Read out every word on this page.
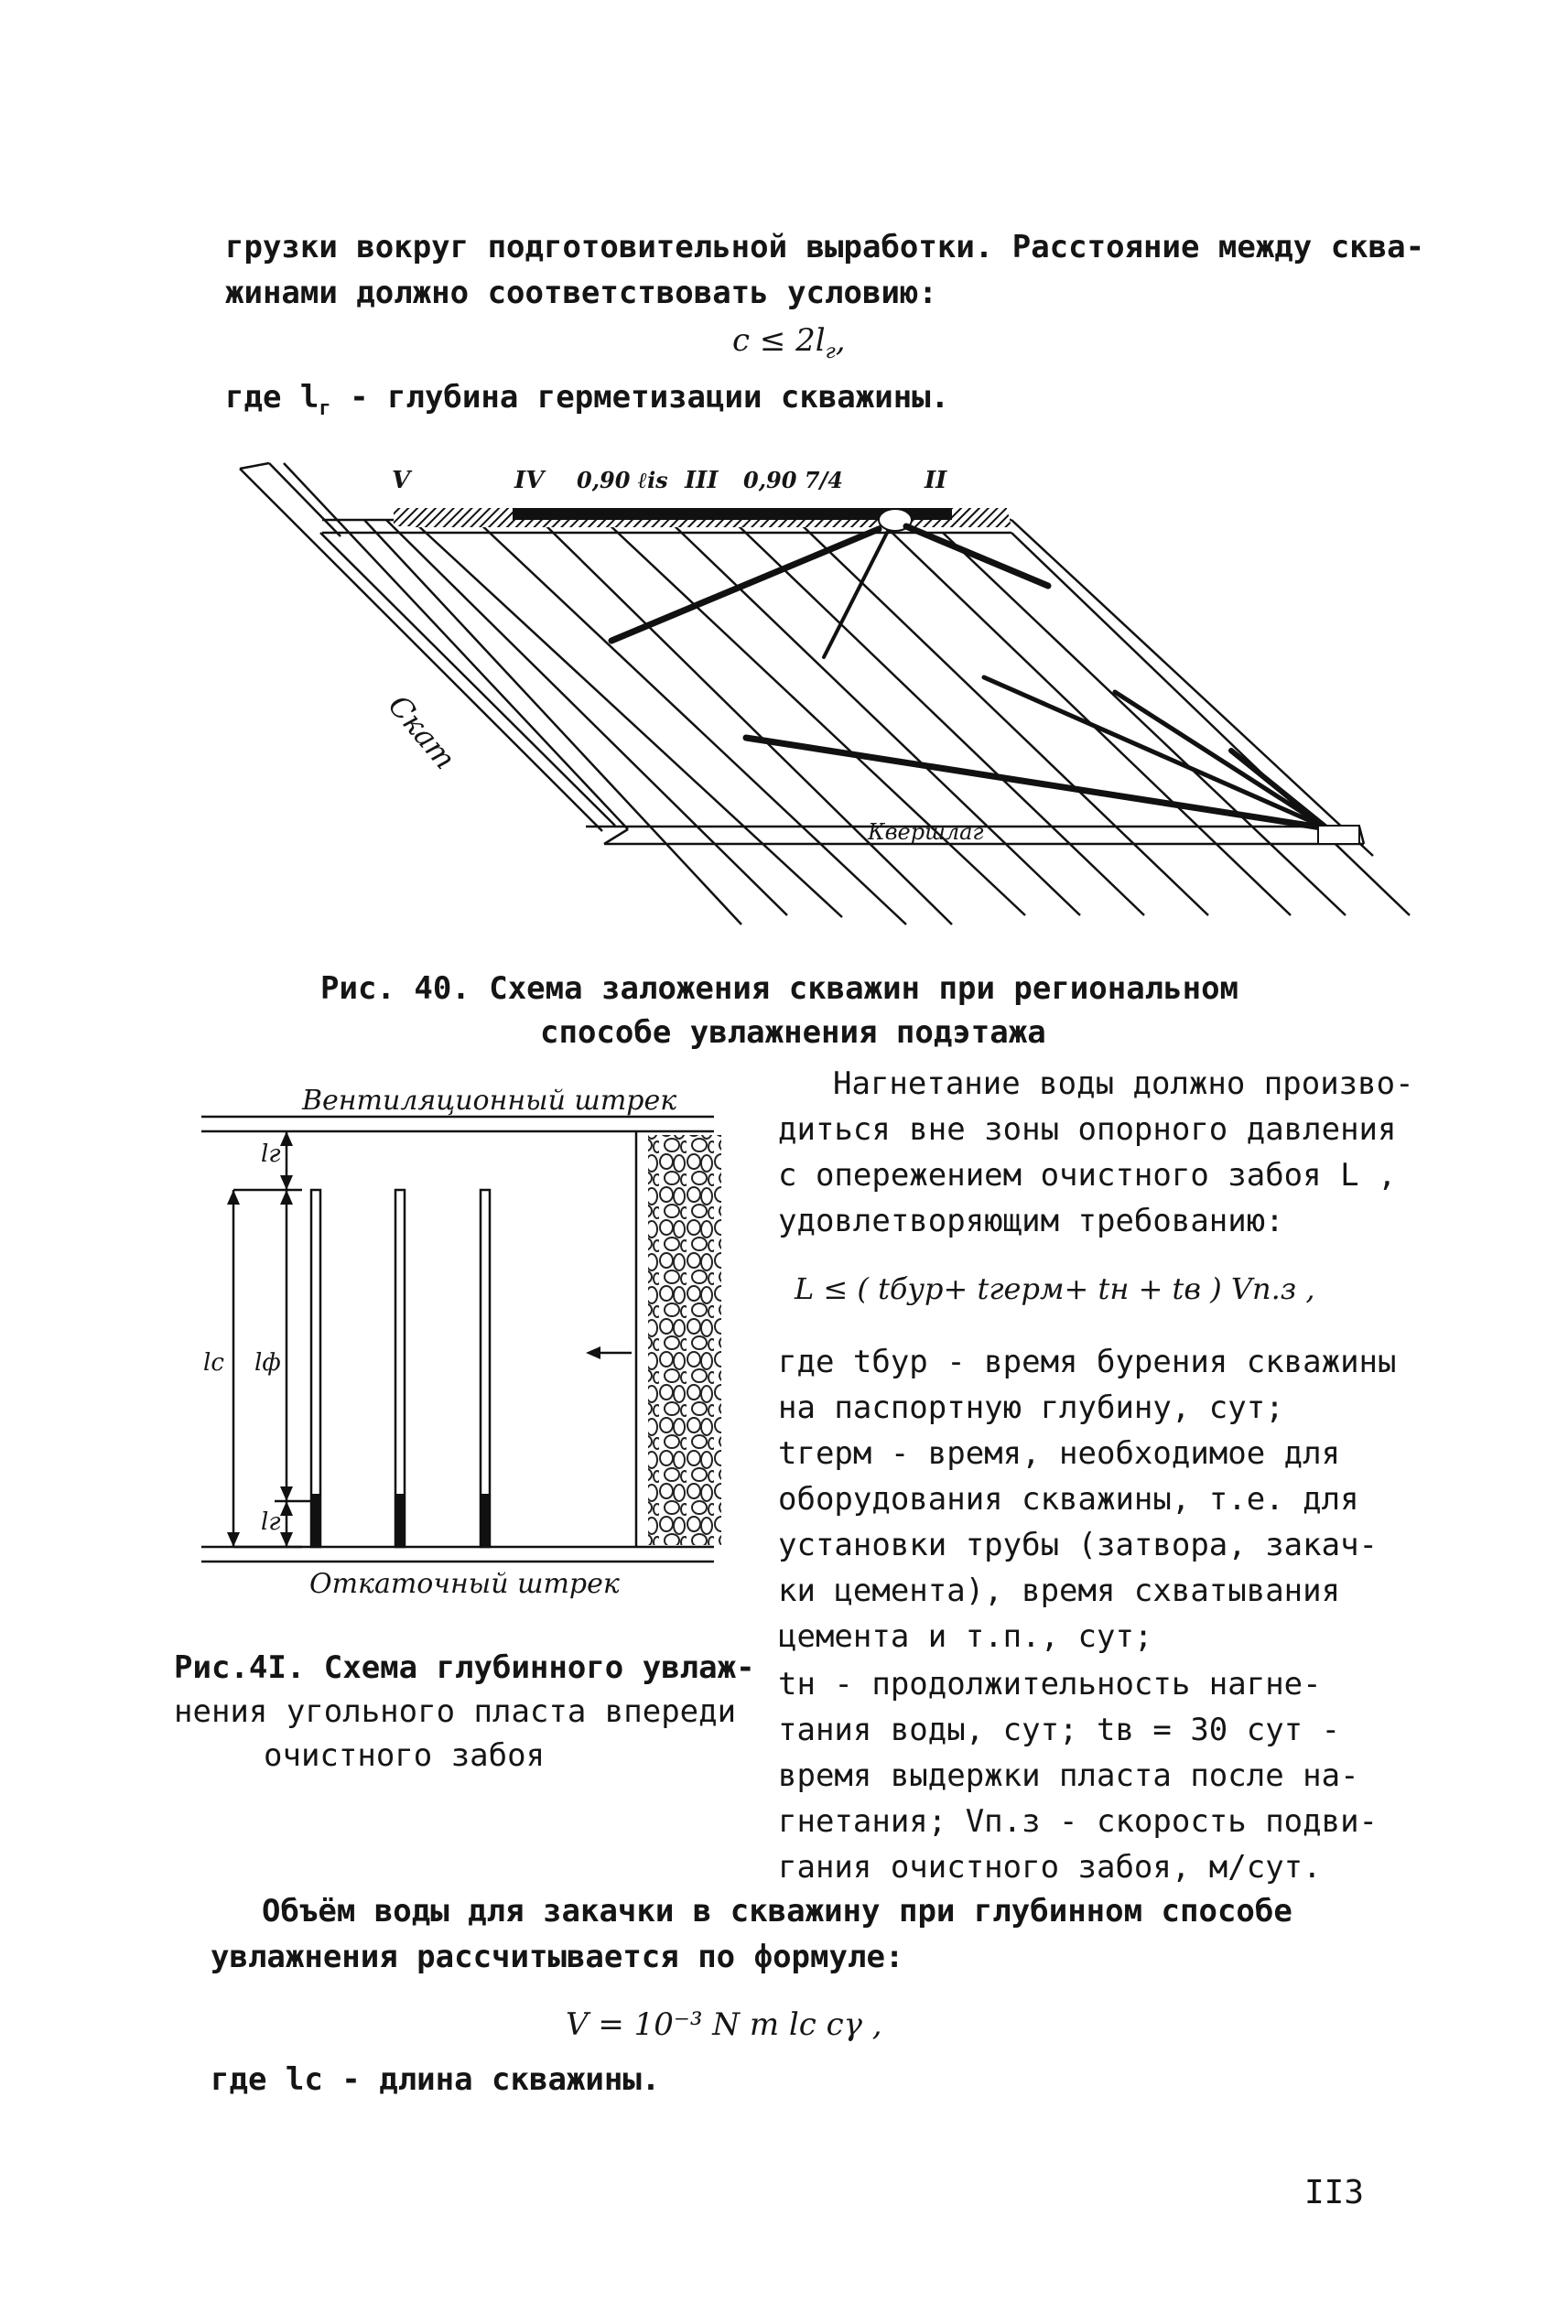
грузки вокруг подготовительной выработки. Расстояние между сква-
жинами должно соответствовать условию:
$c \le 2l_г$,
где $l_г$ - глубина герметизации скважины.
V	IV 0,90 ℓis III 0,90 7/4	II
Скат
Квершлаг
Рис. 40. Схема заложения скважин при региональном
способе увлажнения подэтажа
Вентиляционный штрек
Откаточный штрек
lг
lг
lс lф
Рис.4I. Схема глубинного увлаж-
нения угольного пласта впереди
очистного забоя
Нагнетание воды должно произво-
диться вне зоны опорного давления
с опережением очистного забоя L ,
удовлетворяющим требованию:
L ≤ ( tбур+ tгерм+ tн + tв ) Vп.з ,
где tбур - время бурения скважины
на паспортную глубину, сут;
tгерм - время, необходимое для
оборудования скважины, т.е. для
установки трубы (затвора, закач-
ки цемента), время схватывания
цемента и т.п., сут;
tн - продолжительность нагне-
тания воды, сут; tв = 30 сут -
время выдержки пласта после на-
гнетания; Vп.з - скорость подви-
гания очистного забоя, м/сут.
Объём воды для закачки в скважину при глубинном способе
увлажнения рассчитывается по формуле:
V = 10⁻³ N m lс cγ ,
где lс - длина скважины.
II3
